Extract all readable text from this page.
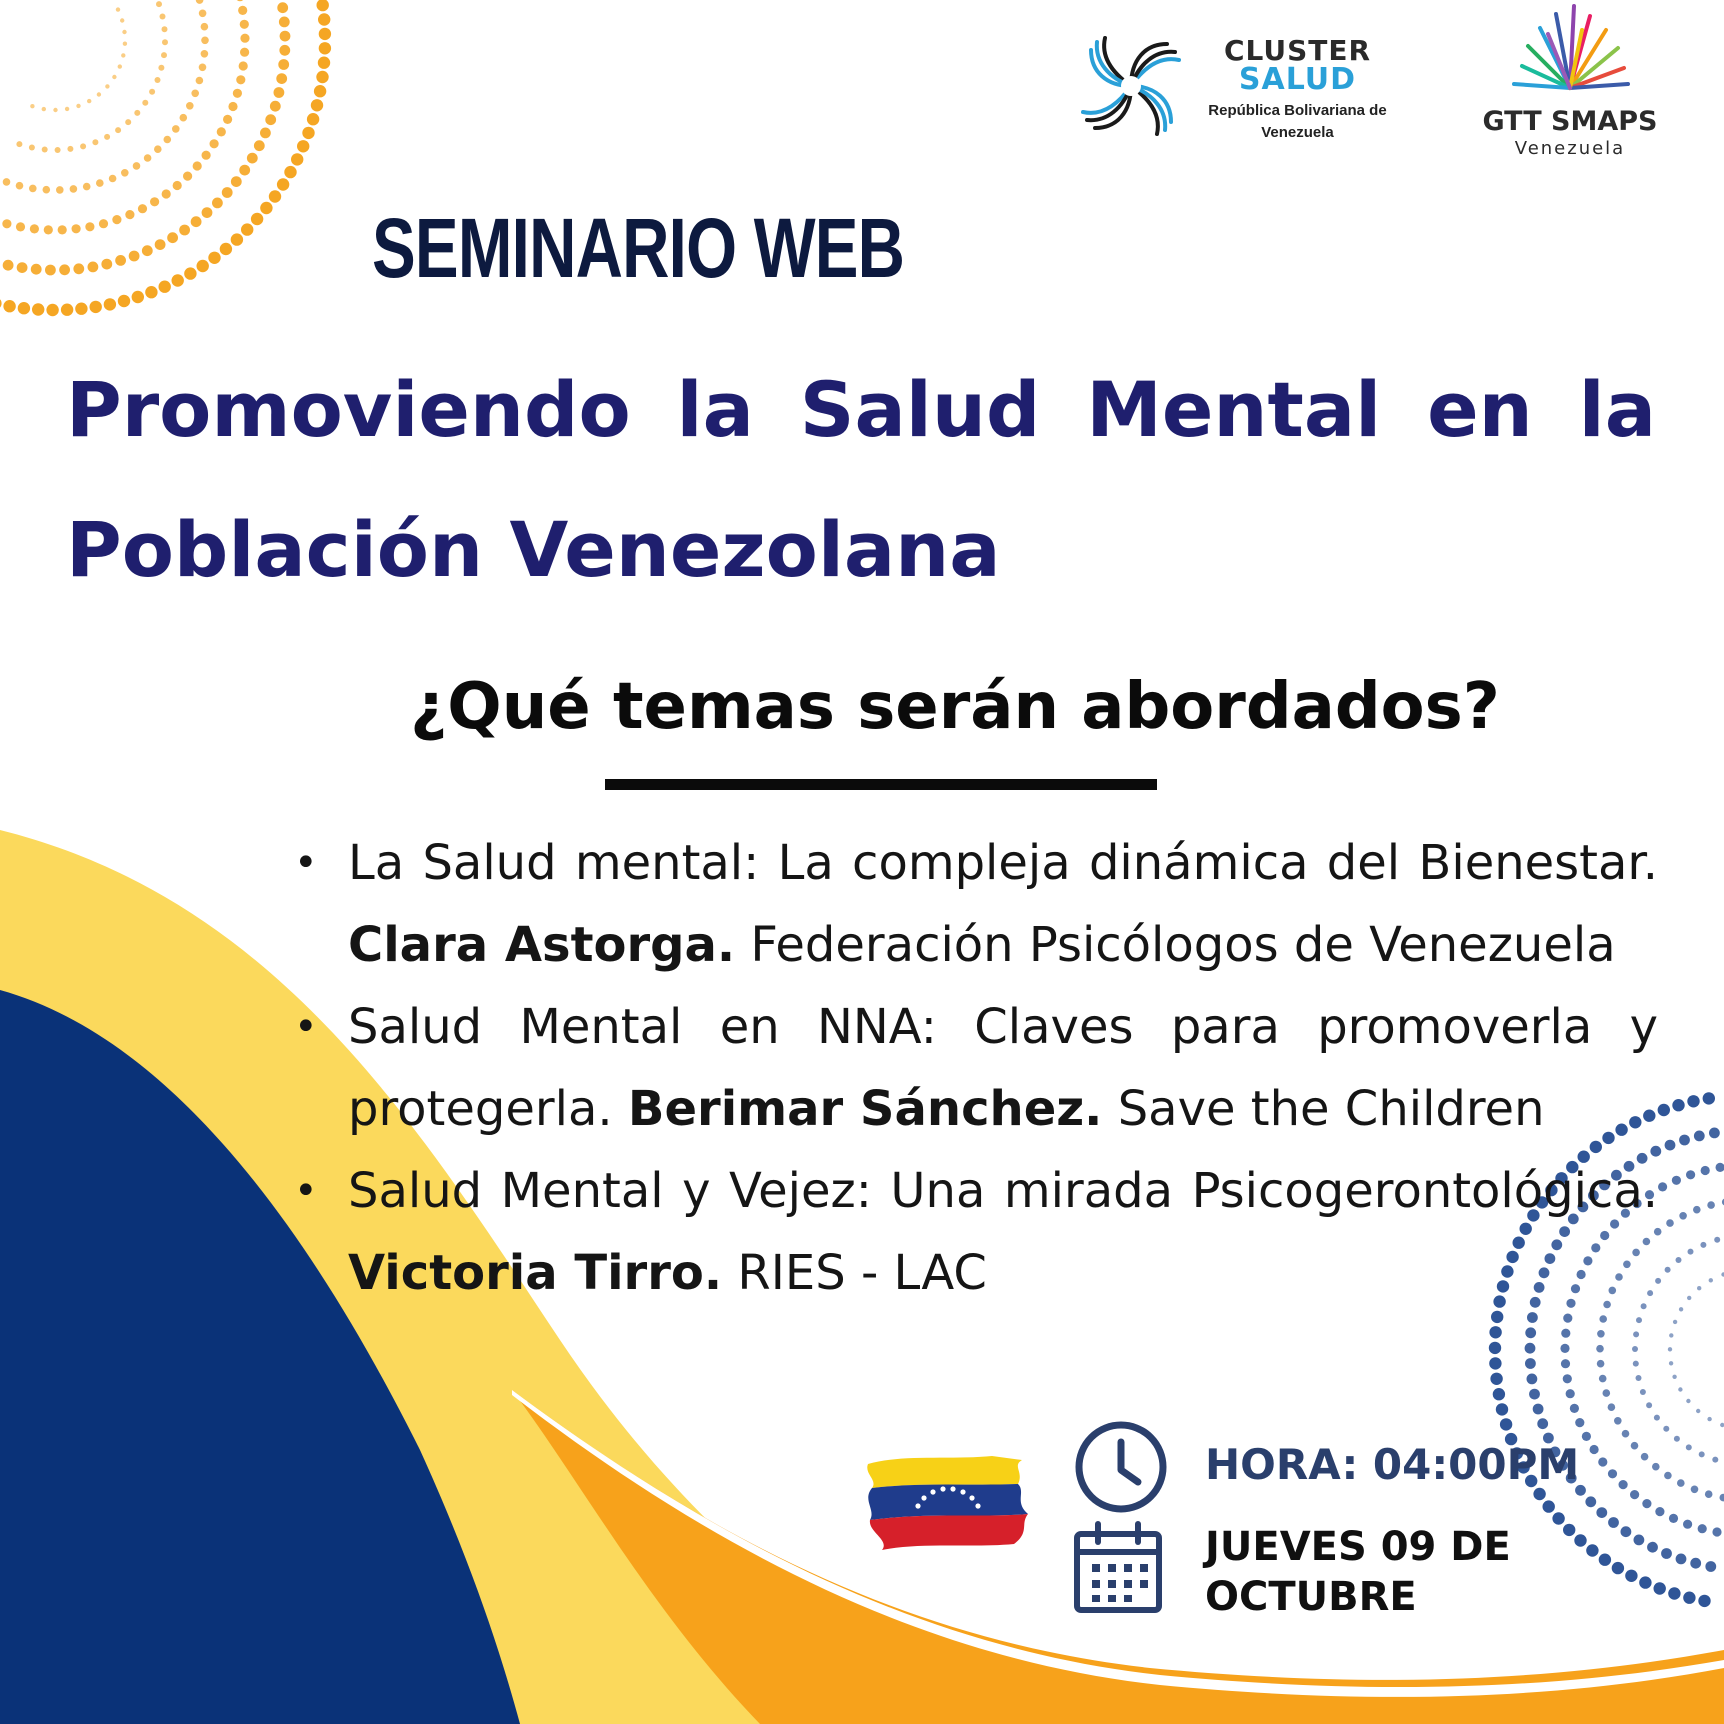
CLUSTER
SALUD
República Bolivariana de Venezuela	GTT SMAPS
Venezuela
SEMINARIO WEB
Promoviendo la Salud Mental en la Población Venezolana
¿Qué temas serán abordados?
• La Salud mental: La compleja dinámica del Bienestar. Clara Astorga. Federación Psicólogos de Venezuela
• Salud Mental en NNA: Claves para promoverla y protegerla. Berimar Sánchez. Save the Children
• Salud Mental y Vejez: Una mirada Psicogerontológica. Victoria Tirro. RIES - LAC
HORA: 04:00PM
JUEVES 09 DE OCTUBRE
